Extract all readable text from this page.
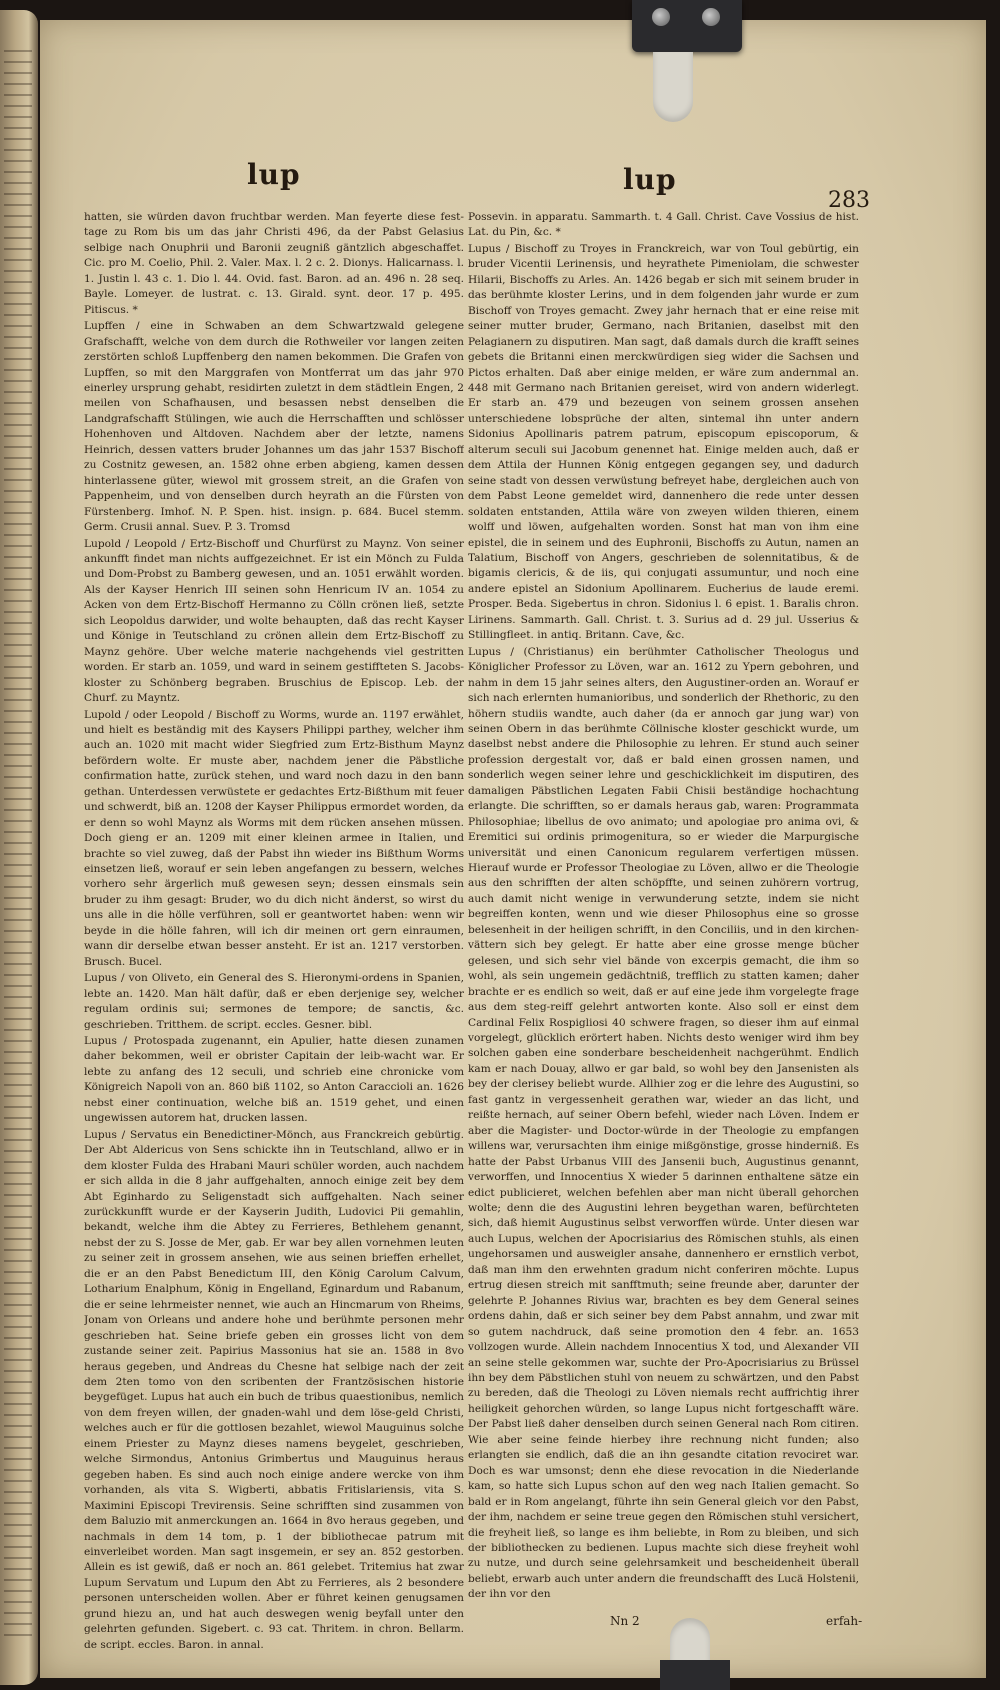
lup	lup
283

hatten, sie würden davon fruchtbar werden. Man feyerte diese fest-tage zu Rom bis um das jahr Christi 496, da der Pabst Gelasius selbige nach Onuphrii und Baronii zeugniß gäntzlich abgeschaffet. Cic. pro M. Coelio, Phil. 2. Valer. Max. l. 2 c. 2. Dionys. Halicarnass. l. 1. Justin l. 43 c. 1. Dio l. 44. Ovid. fast. Baron. ad an. 496 n. 28 seq. Bayle. Lomeyer. de lustrat. c. 13. Girald. synt. deor. 17 p. 495. Pitiscus. *

Lupffen / eine in Schwaben an dem Schwartzwald gelegene Grafschafft, welche von dem durch die Rothweiler vor langen zeiten zerstörten schloß Lupffenberg den namen bekommen. Die Grafen von Lupffen, so mit den Marggrafen von Montferrat um das jahr 970 einerley ursprung gehabt, residirten zuletzt in dem städtlein Engen, 2 meilen von Schafhausen, und besassen nebst denselben die Landgrafschafft Stülingen, wie auch die Herrschafften und schlösser Hohenhoven und Altdoven. Nachdem aber der letzte, namens Heinrich, dessen vatters bruder Johannes um das jahr 1537 Bischoff zu Costnitz gewesen, an. 1582 ohne erben abgieng, kamen dessen hinterlassene güter, wiewol mit grossem streit, an die Grafen von Pappenheim, und von denselben durch heyrath an die Fürsten von Fürstenberg. Imhof. N. P. Spen. hist. insign. p. 684. Bucel stemm. Germ. Crusii annal. Suev. P. 3. Tromsd

Lupold / Leopold / Ertz-Bischoff und Churfürst zu Maynz. Von seiner ankunfft findet man nichts auffgezeichnet. Er ist ein Mönch zu Fulda und Dom-Probst zu Bamberg gewesen, und an. 1051 erwählt worden. Als der Kayser Henrich III seinen sohn Henricum IV an. 1054 zu Acken von dem Ertz-Bischoff Hermanno zu Cölln crönen ließ, setzte sich Leopoldus darwider, und wolte behaupten, daß das recht Kayser und Könige in Teutschland zu crönen allein dem Ertz-Bischoff zu Maynz gehöre. Uber welche materie nachgehends viel gestritten worden. Er starb an. 1059, und ward in seinem gestiffteten S. Jacobs-kloster zu Schönberg begraben. Bruschius de Episcop. Leb. der Churf. zu Mayntz.

Lupold / oder Leopold / Bischoff zu Worms, wurde an. 1197 erwählet, und hielt es beständig mit des Kaysers Philippi parthey, welcher ihm auch an. 1020 mit macht wider Siegfried zum Ertz-Bisthum Maynz befördern wolte. Er muste aber, nachdem jener die Päbstliche confirmation hatte, zurück stehen, und ward noch dazu in den bann gethan. Unterdessen verwüstete er gedachtes Ertz-Bißthum mit feuer und schwerdt, biß an. 1208 der Kayser Philippus ermordet worden, da er denn so wohl Maynz als Worms mit dem rücken ansehen müssen. Doch gieng er an. 1209 mit einer kleinen armee in Italien, und brachte so viel zuweg, daß der Pabst ihn wieder ins Bißthum Worms einsetzen ließ, worauf er sein leben angefangen zu bessern, welches vorhero sehr ärgerlich muß gewesen seyn; dessen einsmals sein bruder zu ihm gesagt: Bruder, wo du dich nicht änderst, so wirst du uns alle in die hölle verführen, soll er geantwortet haben: wenn wir beyde in die hölle fahren, will ich dir meinen ort gern einraumen, wann dir derselbe etwan besser ansteht. Er ist an. 1217 verstorben. Brusch. Bucel.

Lupus / von Oliveto, ein General des S. Hieronymi-ordens in Spanien, lebte an. 1420. Man hält dafür, daß er eben derjenige sey, welcher regulam ordinis sui; sermones de tempore; de sanctis, &c. geschrieben. Tritthem. de script. eccles. Gesner. bibl.

Lupus / Protospada zugenannt, ein Apulier, hatte diesen zunamen daher bekommen, weil er obrister Capitain der leib-wacht war. Er lebte zu anfang des 12 seculi, und schrieb eine chronicke vom Königreich Napoli von an. 860 biß 1102, so Anton Caraccioli an. 1626 nebst einer continuation, welche biß an. 1519 gehet, und einen ungewissen autorem hat, drucken lassen.

Lupus / Servatus ein Benedictiner-Mönch, aus Franckreich gebürtig. Der Abt Aldericus von Sens schickte ihn in Teutschland, allwo er in dem kloster Fulda des Hrabani Mauri schüler worden, auch nachdem er sich allda in die 8 jahr auffgehalten, annoch einige zeit bey dem Abt Eginhardo zu Seligenstadt sich auffgehalten. Nach seiner zurückkunfft wurde er der Kayserin Judith, Ludovici Pii gemahlin, bekandt, welche ihm die Abtey zu Ferrieres, Bethlehem genannt, nebst der zu S. Josse de Mer, gab. Er war bey allen vornehmen leuten zu seiner zeit in grossem ansehen, wie aus seinen brieffen erhellet, die er an den Pabst Benedictum III, den König Carolum Calvum, Lotharium Enalphum, König in Engelland, Eginardum und Rabanum, die er seine lehrmeister nennet, wie auch an Hincmarum von Rheims, Jonam von Orleans und andere hohe und berühmte personen mehr geschrieben hat. Seine briefe geben ein grosses licht von dem zustande seiner zeit. Papirius Massonius hat sie an. 1588 in 8vo heraus gegeben, und Andreas du Chesne hat selbige nach der zeit dem 2ten tomo von den scribenten der Frantzösischen historie beygefüget. Lupus hat auch ein buch de tribus quaestionibus, nemlich von dem freyen willen, der gnaden-wahl und dem löse-geld Christi, welches auch er für die gottlosen bezahlet, wiewol Mauguinus solche einem Priester zu Maynz dieses namens beygelet, geschrieben, welche Sirmondus, Antonius Grimbertus und Mauguinus heraus gegeben haben. Es sind auch noch einige andere wercke von ihm vorhanden, als vita S. Wigberti, abbatis Fritislariensis, vita S. Maximini Episcopi Trevirensis. Seine schrifften sind zusammen von dem Baluzio mit anmerckungen an. 1664 in 8vo heraus gegeben, und nachmals in dem 14 tom, p. 1 der bibliothecae patrum mit einverleibet worden. Man sagt insgemein, er sey an. 852 gestorben. Allein es ist gewiß, daß er noch an. 861 gelebet. Tritemius hat zwar Lupum Servatum und Lupum den Abt zu Ferrieres, als 2 besondere personen unterscheiden wollen. Aber er führet keinen genugsamen grund hiezu an, und hat auch deswegen wenig beyfall unter den gelehrten gefunden. Sigebert. c. 93 cat. Thritem. in chron. Bellarm. de script. eccles. Baron. in annal.

Possevin. in apparatu. Sammarth. t. 4 Gall. Christ. Cave Vossius de hist. Lat. du Pin, &c. *

Lupus / Bischoff zu Troyes in Franckreich, war von Toul gebürtig, ein bruder Vicentii Lerinensis, und heyrathete Pimeniolam, die schwester Hilarii, Bischoffs zu Arles. An. 1426 begab er sich mit seinem bruder in das berühmte kloster Lerins, und in dem folgenden jahr wurde er zum Bischoff von Troyes gemacht. Zwey jahr hernach that er eine reise mit seiner mutter bruder, Germano, nach Britanien, daselbst mit den Pelagianern zu disputiren. Man sagt, daß damals durch die krafft seines gebets die Britanni einen merckwürdigen sieg wider die Sachsen und Pictos erhalten. Daß aber einige melden, er wäre zum andernmal an. 448 mit Germano nach Britanien gereiset, wird von andern widerlegt. Er starb an. 479 und bezeugen von seinem grossen ansehen unterschiedene lobsprüche der alten, sintemal ihn unter andern Sidonius Apollinaris patrem patrum, episcopum episcoporum, & alterum seculi sui Jacobum genennet hat. Einige melden auch, daß er dem Attila der Hunnen König entgegen gegangen sey, und dadurch seine stadt von dessen verwüstung befreyet habe, dergleichen auch von dem Pabst Leone gemeldet wird, dannenhero die rede unter dessen soldaten entstanden, Attila wäre von zweyen wilden thieren, einem wolff und löwen, aufgehalten worden. Sonst hat man von ihm eine epistel, die in seinem und des Euphronii, Bischoffs zu Autun, namen an Talatium, Bischoff von Angers, geschrieben de solennitatibus, & de bigamis clericis, & de iis, qui conjugati assumuntur, und noch eine andere epistel an Sidonium Apollinarem. Eucherius de laude eremi. Prosper. Beda. Sigebertus in chron. Sidonius l. 6 epist. 1. Baralis chron. Lirinens. Sammarth. Gall. Christ. t. 3. Surius ad d. 29 jul. Usserius & Stillingfleet. in antiq. Britann. Cave, &c.

Lupus / (Christianus) ein berühmter Catholischer Theologus und Königlicher Professor zu Löven, war an. 1612 zu Ypern gebohren, und nahm in dem 15 jahr seines alters, den Augustiner-orden an. Worauf er sich nach erlernten humanioribus, und sonderlich der Rhethoric, zu den höhern studiis wandte, auch daher (da er annoch gar jung war) von seinen Obern in das berühmte Cöllnische kloster geschickt wurde, um daselbst nebst andere die Philosophie zu lehren. Er stund auch seiner profession dergestalt vor, daß er bald einen grossen namen, und sonderlich wegen seiner lehre und geschicklichkeit im disputiren, des damaligen Päbstlichen Legaten Fabii Chisii beständige hochachtung erlangte. Die schrifften, so er damals heraus gab, waren: Programmata Philosophiae; libellus de ovo animato; und apologiae pro anima ovi, & Eremitici sui ordinis primogenitura, so er wieder die Marpurgische universität und einen Canonicum regularem verfertigen müssen. Hierauf wurde er Professor Theologiae zu Löven, allwo er die Theologie aus den schrifften der alten schöpffte, und seinen zuhörern vortrug, auch damit nicht wenige in verwunderung setzte, indem sie nicht begreiffen konten, wenn und wie dieser Philosophus eine so grosse belesenheit in der heiligen schrifft, in den Conciliis, und in den kirchen-vättern sich bey gelegt. Er hatte aber eine grosse menge bücher gelesen, und sich sehr viel bände von excerpis gemacht, die ihm so wohl, als sein ungemein gedächtniß, trefflich zu statten kamen; daher brachte er es endlich so weit, daß er auf eine jede ihm vorgelegte frage aus dem steg-reiff gelehrt antworten konte. Also soll er einst dem Cardinal Felix Rospigliosi 40 schwere fragen, so dieser ihm auf einmal vorgelegt, glücklich erörtert haben. Nichts desto weniger wird ihm bey solchen gaben eine sonderbare bescheidenheit nachgerühmt. Endlich kam er nach Douay, allwo er gar bald, so wohl bey den Jansenisten als bey der clerisey beliebt wurde. Allhier zog er die lehre des Augustini, so fast gantz in vergessenheit gerathen war, wieder an das licht, und reißte hernach, auf seiner Obern befehl, wieder nach Löven. Indem er aber die Magister- und Doctor-würde in der Theologie zu empfangen willens war, verursachten ihm einige mißgönstige, grosse hinderniß. Es hatte der Pabst Urbanus VIII des Jansenii buch, Augustinus genannt, verworffen, und Innocentius X wieder 5 darinnen enthaltene sätze ein edict publicieret, welchen befehlen aber man nicht überall gehorchen wolte; denn die des Augustini lehren beygethan waren, befürchteten sich, daß hiemit Augustinus selbst verworffen würde. Unter diesen war auch Lupus, welchen der Apocrisiarius des Römischen stuhls, als einen ungehorsamen und ausweigler ansahe, dannenhero er ernstlich verbot, daß man ihm den erwehnten gradum nicht conferiren möchte. Lupus ertrug diesen streich mit sanfftmuth; seine freunde aber, darunter der gelehrte P. Johannes Rivius war, brachten es bey dem General seines ordens dahin, daß er sich seiner bey dem Pabst annahm, und zwar mit so gutem nachdruck, daß seine promotion den 4 febr. an. 1653 vollzogen wurde. Allein nachdem Innocentius X tod, und Alexander VII an seine stelle gekommen war, suchte der Pro-Apocrisiarius zu Brüssel ihn bey dem Päbstlichen stuhl von neuem zu schwärtzen, und den Pabst zu bereden, daß die Theologi zu Löven niemals recht auffrichtig ihrer heiligkeit gehorchen würden, so lange Lupus nicht fortgeschafft wäre. Der Pabst ließ daher denselben durch seinen General nach Rom citiren. Wie aber seine feinde hierbey ihre rechnung nicht funden; also erlangten sie endlich, daß die an ihn gesandte citation revociret war. Doch es war umsonst; denn ehe diese revocation in die Niederlande kam, so hatte sich Lupus schon auf den weg nach Italien gemacht. So bald er in Rom angelangt, führte ihn sein General gleich vor den Pabst, der ihm, nachdem er seine treue gegen den Römischen stuhl versichert, die freyheit ließ, so lange es ihm beliebte, in Rom zu bleiben, und sich der bibliothecken zu bedienen. Lupus machte sich diese freyheit wohl zu nutze, und durch seine gelehrsamkeit und bescheidenheit überall beliebt, erwarb auch unter andern die freundschafft des Lucä Holstenii, der ihn vor den

Nn 2	erfah-
